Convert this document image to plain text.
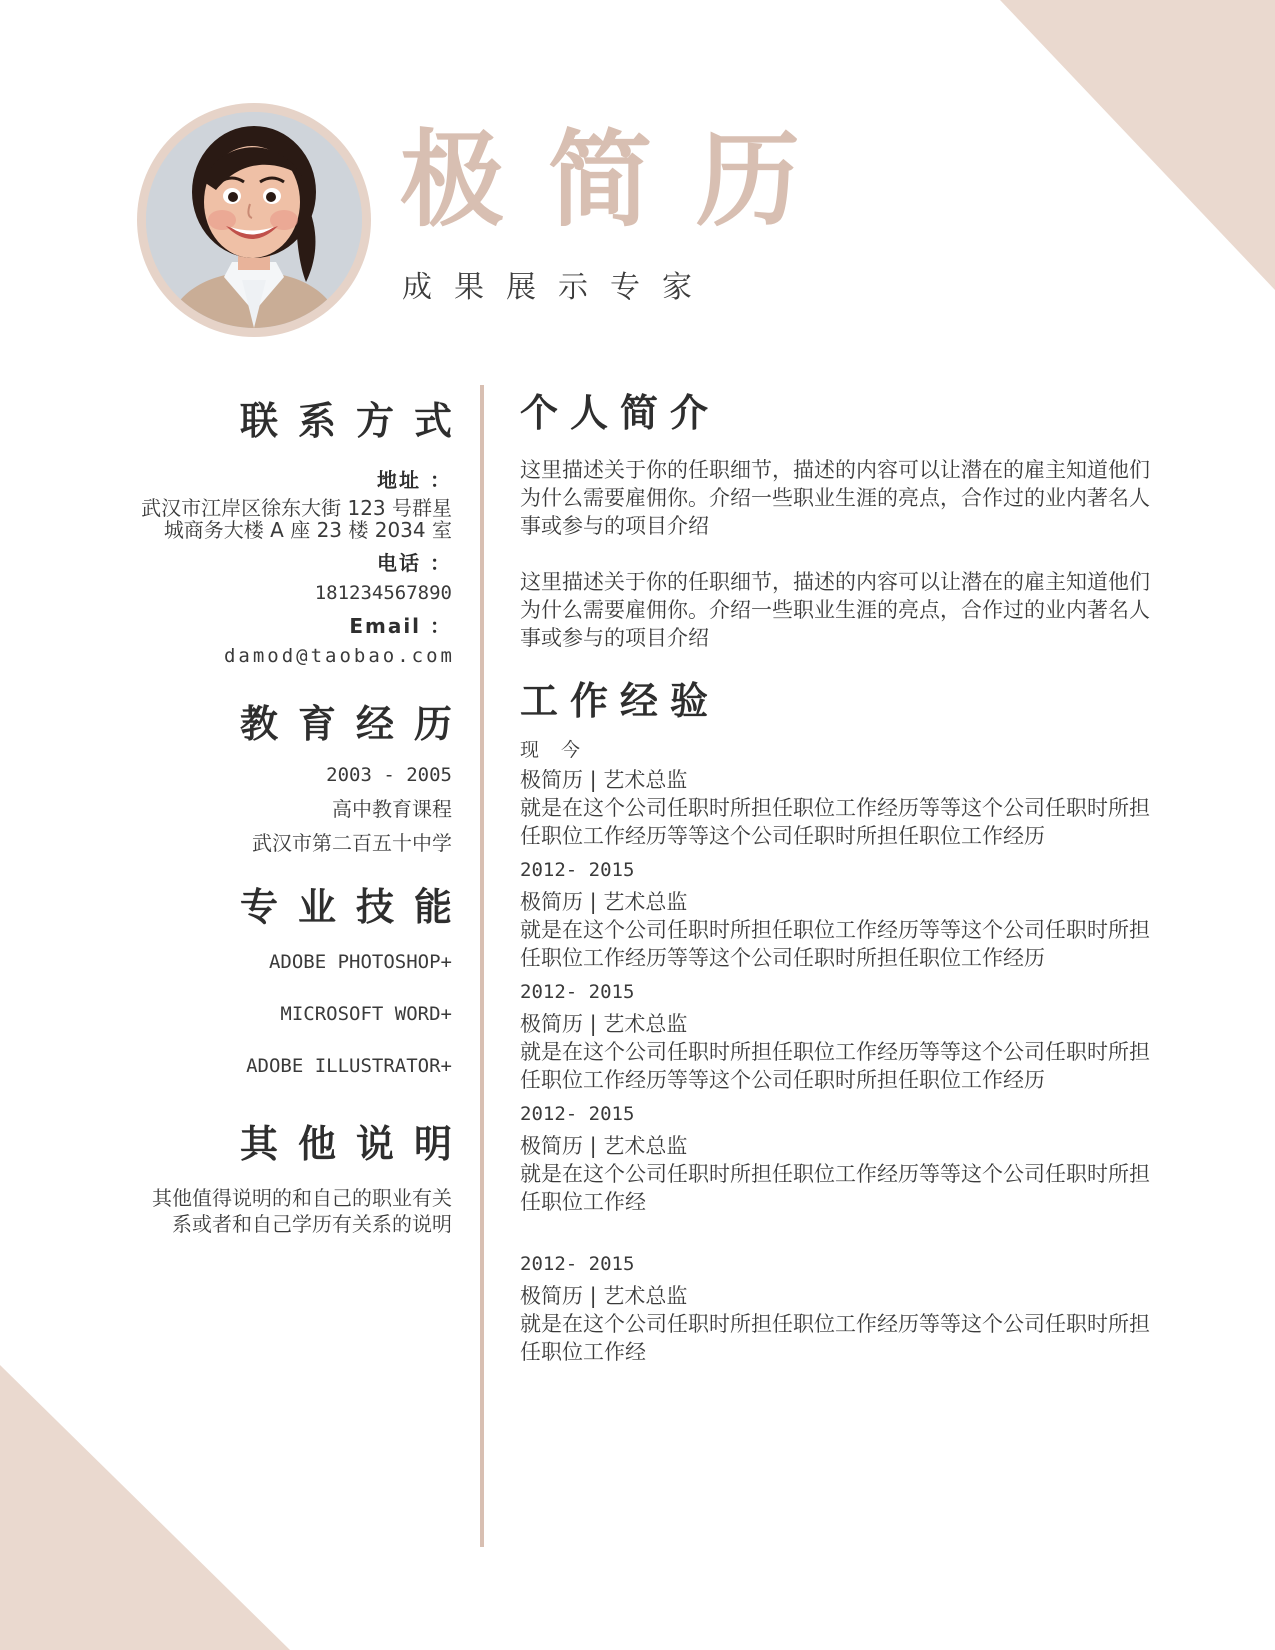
极简历
成果展示专家
联系方式
地址 ：
武汉市江岸区徐东大街 123 号群星
城商务大楼 A 座 23 楼 2034 室
电话 ：
181234567890
Email ：
damod@taobao.com
教育经历
2003 - 2005
高中教育课程
武汉市第二百五十中学
专业技能
ADOBE PHOTOSHOP+
MICROSOFT WORD+
ADOBE ILLUSTRATOR+
其他说明
其他值得说明的和自己的职业有关
系或者和自己学历有关系的说明
个人简介
这里描述关于你的任职细节，描述的内容可以让潜在的雇主知道他们为什么需要雇佣你。介绍一些职业生涯的亮点，合作过的业内著名人事或参与的项目介绍
这里描述关于你的任职细节，描述的内容可以让潜在的雇主知道他们为什么需要雇佣你。介绍一些职业生涯的亮点，合作过的业内著名人事或参与的项目介绍
工作经验
现 今
极简历 | 艺术总监
就是在这个公司任职时所担任职位工作经历等等这个公司任职时所担任职位工作经历等等这个公司任职时所担任职位工作经历
2012- 2015
极简历 | 艺术总监
就是在这个公司任职时所担任职位工作经历等等这个公司任职时所担任职位工作经历等等这个公司任职时所担任职位工作经历
2012- 2015
极简历 | 艺术总监
就是在这个公司任职时所担任职位工作经历等等这个公司任职时所担任职位工作经历等等这个公司任职时所担任职位工作经历
2012- 2015
极简历 | 艺术总监
就是在这个公司任职时所担任职位工作经历等等这个公司任职时所担任职位工作经
2012- 2015
极简历 | 艺术总监
就是在这个公司任职时所担任职位工作经历等等这个公司任职时所担任职位工作经
